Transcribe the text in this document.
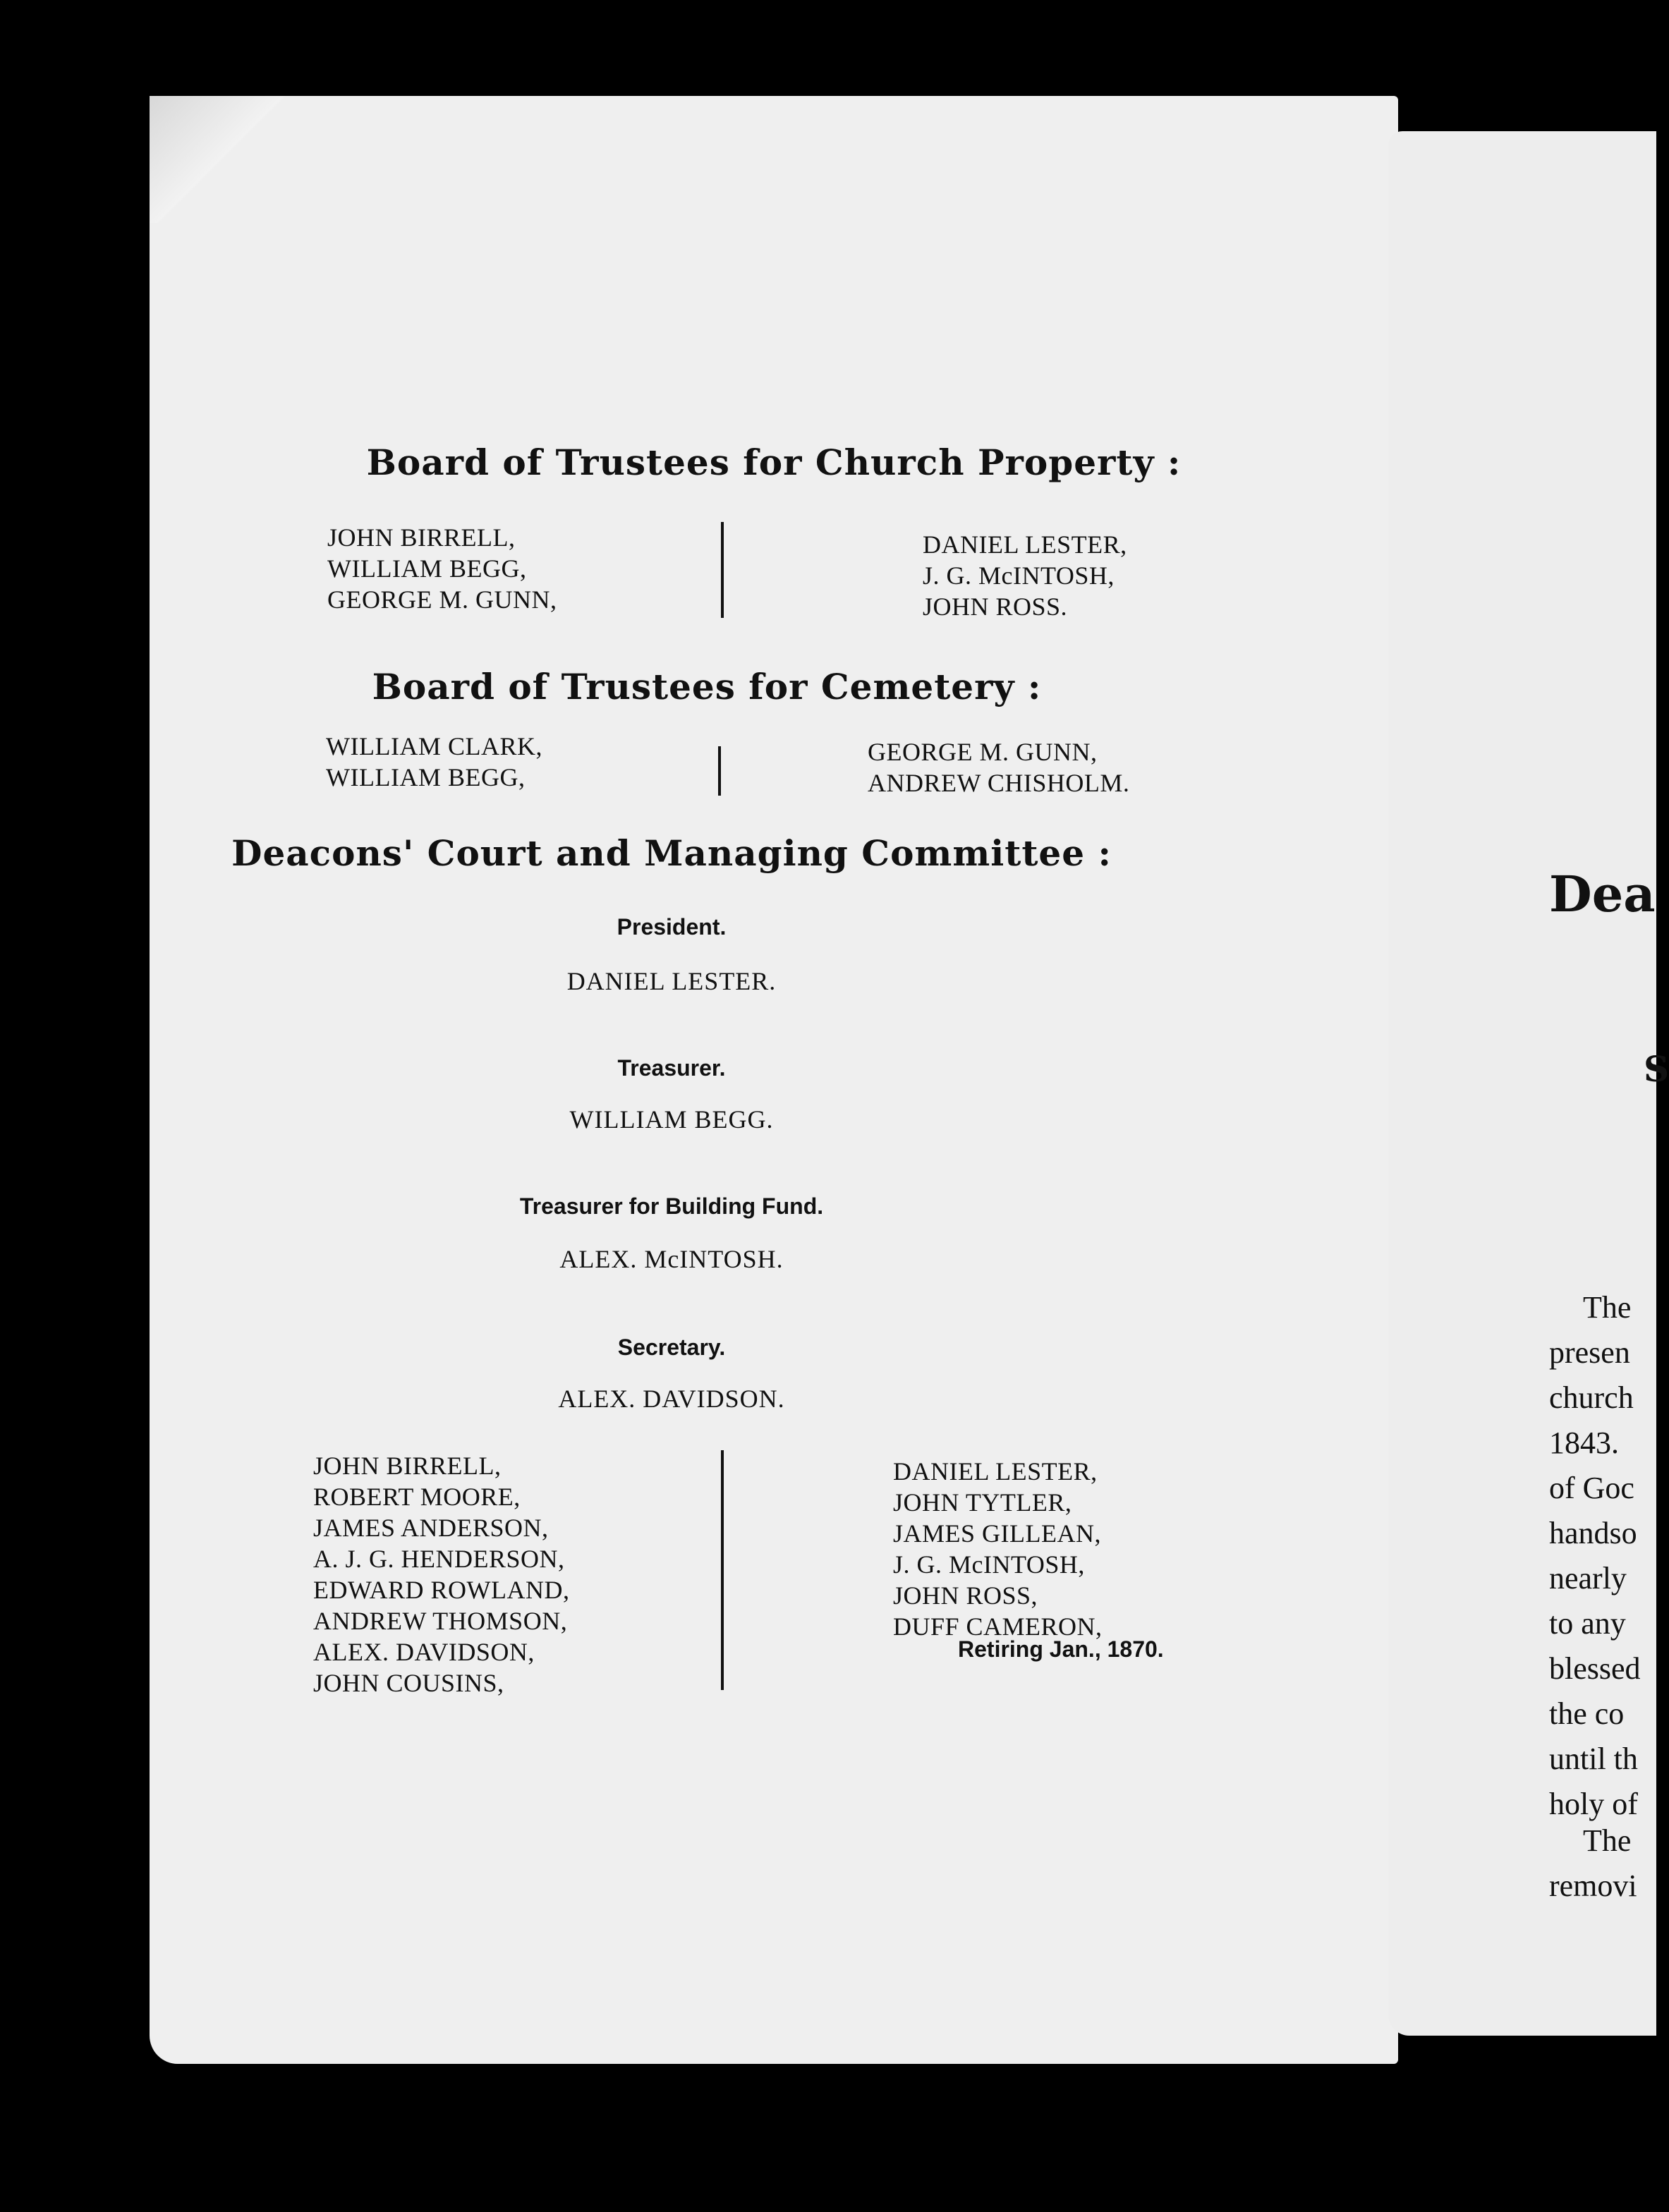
Board of Trustees for Church Property :
JOHN BIRRELL,
WILLIAM BEGG,
GEORGE M. GUNN,
DANIEL LESTER,
J. G. McINTOSH,
JOHN ROSS.
Board of Trustees for Cemetery :
WILLIAM CLARK,
WILLIAM BEGG,
GEORGE M. GUNN,
ANDREW CHISHOLM.
Deacons' Court and Managing Committee :
President.
DANIEL LESTER.
Treasurer.
WILLIAM BEGG.
Treasurer for Building Fund.
ALEX. McINTOSH.
Secretary.
ALEX. DAVIDSON.
JOHN BIRRELL,
ROBERT MOORE,
JAMES ANDERSON,
A. J. G. HENDERSON,
EDWARD ROWLAND,
ANDREW THOMSON,
ALEX. DAVIDSON,
JOHN COUSINS,
DANIEL LESTER,
JOHN TYTLER,
JAMES GILLEAN,
J. G. McINTOSH,
JOHN ROSS,
DUFF CAMERON,
Retiring Jan., 1870.
Dea
S
The
presen
church
1843.
of Goc
handso
nearly
to any
blessed
the co
until th
holy of
The
removi
